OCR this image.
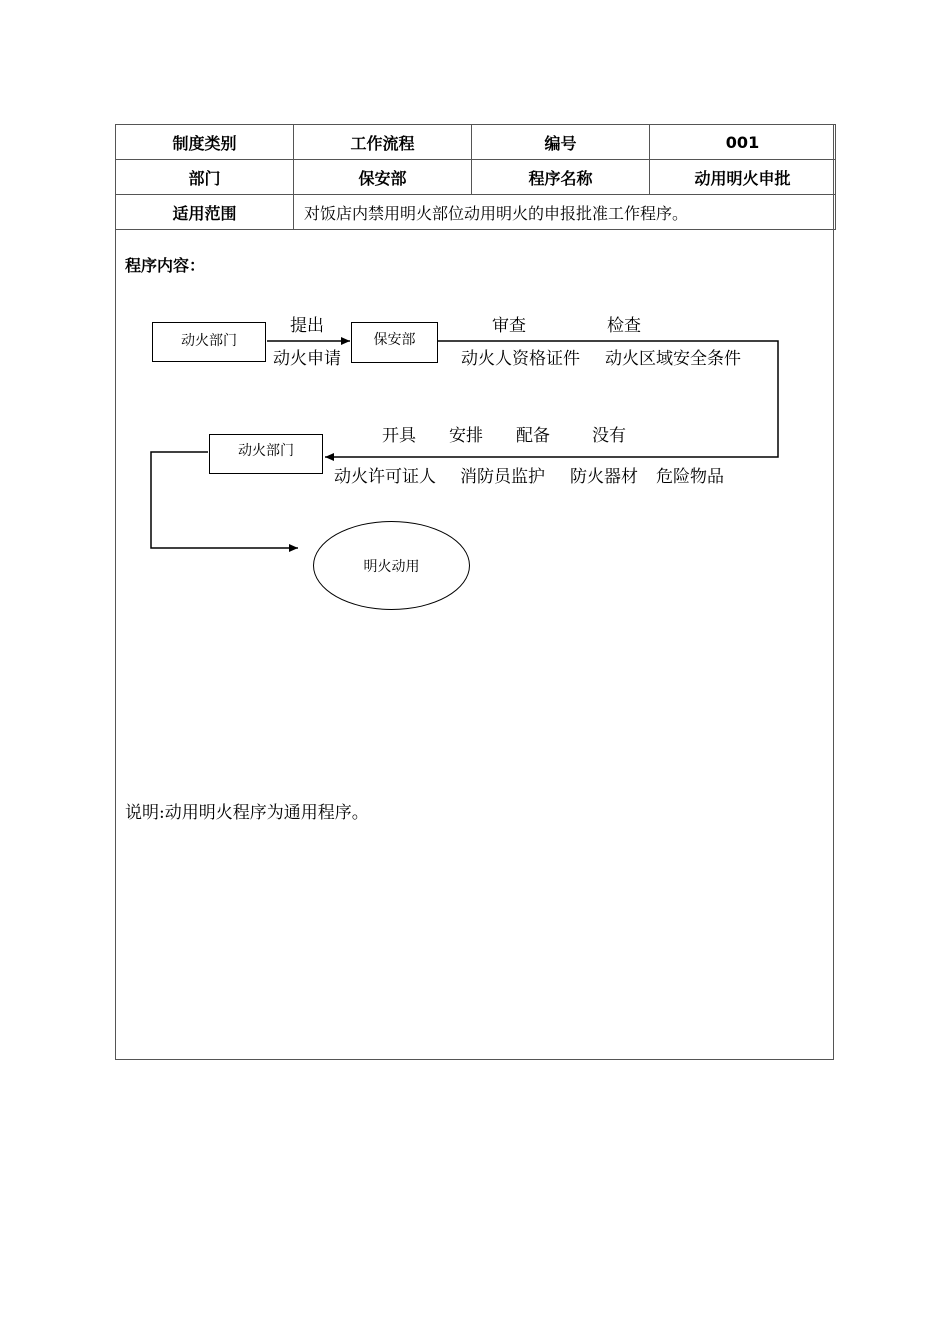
制度类别	工作流程	编号	001
部门	保安部	程序名称	动用明火申批
适用范围	对饭店内禁用明火部位动用明火的申报批准工作程序。		
程序内容：
动火部门	保安部
动火部门
明火动用
提出
动火申请
审查
动火人资格证件
检查
动火区域安全条件
开具
动火许可证人
安排
消防员监护
配备
防火器材
没有
危险物品
说明:动用明火程序为通用程序。
